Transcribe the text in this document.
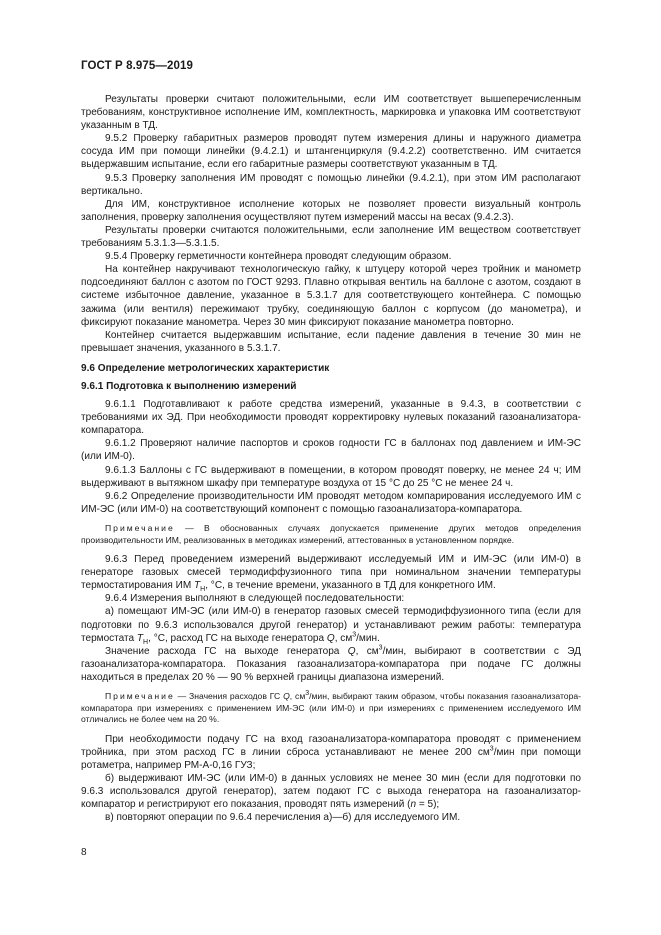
ГОСТ Р 8.975—2019

Результаты проверки считают положительными, если ИМ соответствует вышеперечисленным требованиям, конструктивное исполнение ИМ, комплектность, маркировка и упаковка ИМ соответствуют указанным в ТД.

9.5.2 Проверку габаритных размеров проводят путем измерения длины и наружного диаметра сосуда ИМ при помощи линейки (9.4.2.1) и штангенциркуля (9.4.2.2) соответственно. ИМ считается выдержавшим испытание, если его габаритные размеры соответствуют указанным в ТД.

9.5.3 Проверку заполнения ИМ проводят с помощью линейки (9.4.2.1), при этом ИМ располагают вертикально.

Для ИМ, конструктивное исполнение которых не позволяет провести визуальный контроль заполнения, проверку заполнения осуществляют путем измерений массы на весах (9.4.2.3).

Результаты проверки считаются положительными, если заполнение ИМ веществом соответствует требованиям 5.3.1.3—5.3.1.5.

9.5.4 Проверку герметичности контейнера проводят следующим образом.

На контейнер накручивают технологическую гайку, к штуцеру которой через тройник и манометр подсоединяют баллон с азотом по ГОСТ 9293. Плавно открывая вентиль на баллоне с азотом, создают в системе избыточное давление, указанное в 5.3.1.7 для соответствующего контейнера. С помощью зажима (или вентиля) пережимают трубку, соединяющую баллон с корпусом (до манометра), и фиксируют показание манометра. Через 30 мин фиксируют показание манометра повторно.

Контейнер считается выдержавшим испытание, если падение давления в течение 30 мин не превышает значения, указанного в 5.3.1.7.

9.6 Определение метрологических характеристик

9.6.1 Подготовка к выполнению измерений

9.6.1.1 Подготавливают к работе средства измерений, указанные в 9.4.3, в соответствии с требованиями их ЭД. При необходимости проводят корректировку нулевых показаний газоанализатора-компаратора.

9.6.1.2 Проверяют наличие паспортов и сроков годности ГС в баллонах под давлением и ИМ-ЭС (или ИМ-0).

9.6.1.3 Баллоны с ГС выдерживают в помещении, в котором проводят поверку, не менее 24 ч; ИМ выдерживают в вытяжном шкафу при температуре воздуха от 15 °С до 25 °С не менее 24 ч.

9.6.2 Определение производительности ИМ проводят методом компарирования исследуемого ИМ с ИМ-ЭС (или ИМ-0) на соответствующий компонент с помощью газоанализатора-компаратора.

Примечание — В обоснованных случаях допускается применение других методов определения производительности ИМ, реализованных в методиках измерений, аттестованных в установленном порядке.

9.6.3 Перед проведением измерений выдерживают исследуемый ИМ и ИМ-ЭС (или ИМ-0) в генераторе газовых смесей термодиффузионного типа при номинальном значении температуры термостатирования ИМ $T_Н$, °С, в течение времени, указанного в ТД для конкретного ИМ.

9.6.4 Измерения выполняют в следующей последовательности:

а) помещают ИМ-ЭС (или ИМ-0) в генератор газовых смесей термодиффузионного типа (если для подготовки по 9.6.3 использовался другой генератор) и устанавливают режим работы: температура термостата $T_Н$, °С, расход ГС на выходе генератора Q, $см^3$/мин.

Значение расхода ГС на выходе генератора Q, $см^3$/мин, выбирают в соответствии с ЭД газоанализатора-компаратора. Показания газоанализатора-компаратора при подаче ГС должны находиться в пределах 20 % — 90 % верхней границы диапазона измерений.

Примечание — Значения расходов ГС Q, $см^3$/мин, выбирают таким образом, чтобы показания газоанализатора-компаратора при измерениях с применением ИМ-ЭС (или ИМ-0) и при измерениях с применением исследуемого ИМ отличались не более чем на 20 %.

При необходимости подачу ГС на вход газоанализатора-компаратора проводят с применением тройника, при этом расход ГС в линии сброса устанавливают не менее 200 $см^3$/мин при помощи ротаметра, например РМ-А-0,16 ГУЗ;

б) выдерживают ИМ-ЭС (или ИМ-0) в данных условиях не менее 30 мин (если для подготовки по 9.6.3 использовался другой генератор), затем подают ГС с выхода генератора на газоанализатор-компаратор и регистрируют его показания, проводят пять измерений (n = 5);

в) повторяют операции по 9.6.4 перечисления а)—б) для исследуемого ИМ.

8
